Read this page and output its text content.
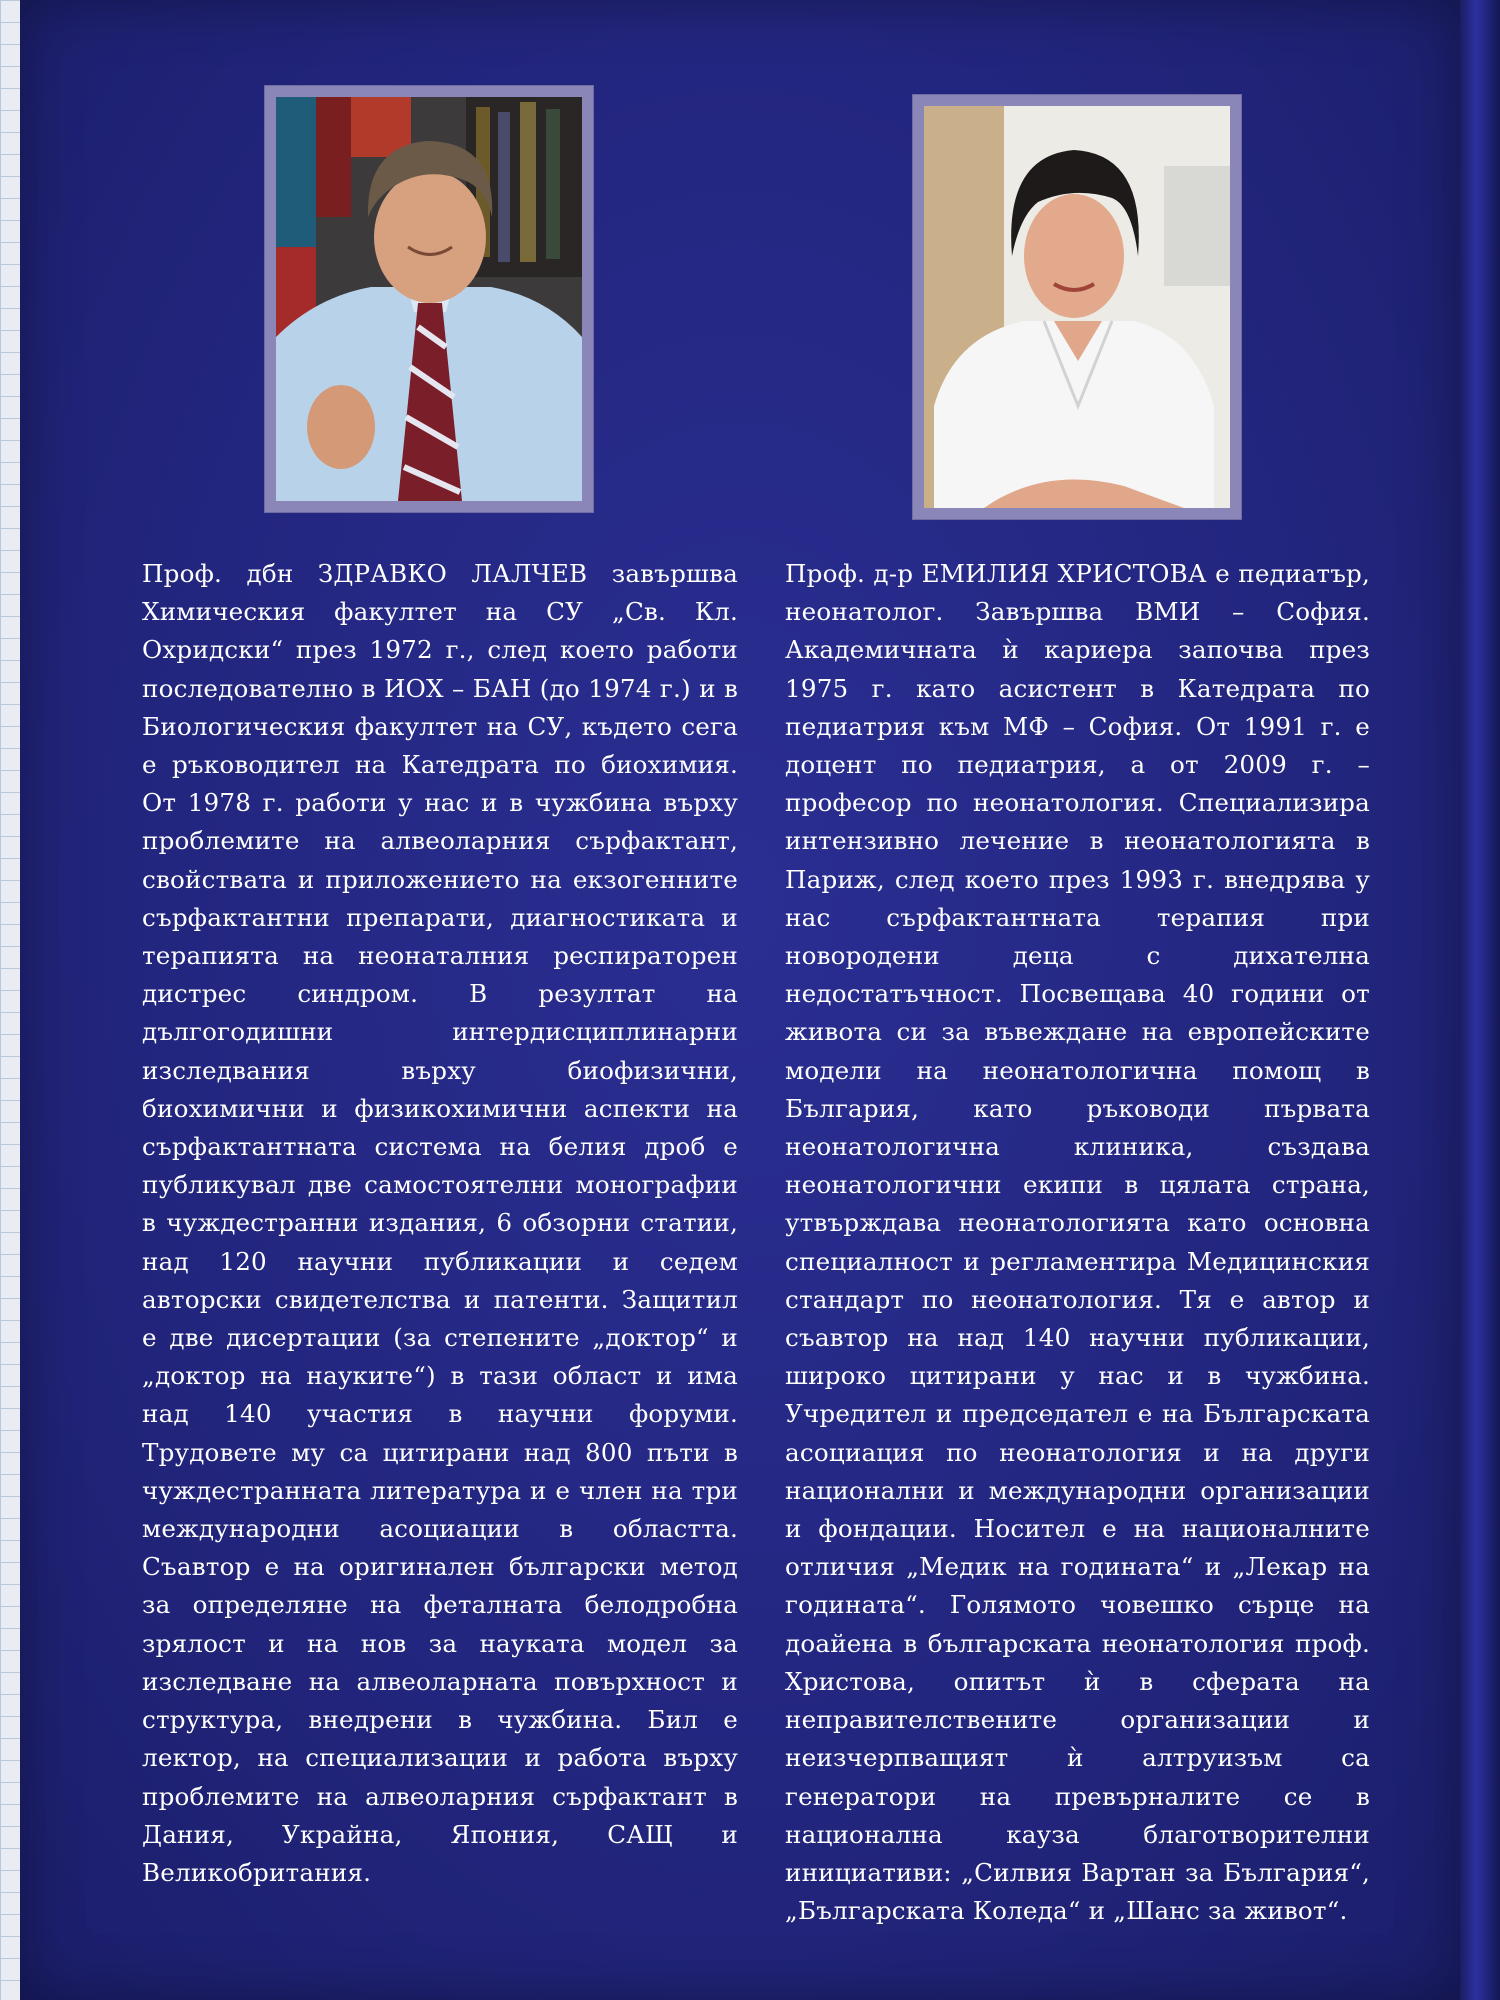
Проф. дбн ЗДРАВКО ЛАЛЧЕВ завършва Химическия факултет на СУ „Св. Кл. Охридски“ през 1972 г., след което работи последователно в ИОХ – БАН (до 1974 г.) и в Биологическия факултет на СУ, където сега е ръководител на Катедрата по биохимия. От 1978 г. работи у нас и в чужбина върху проблемите на алвеоларния сърфактант, свойствата и приложението на екзогенните сърфактантни препарати, диагностиката и терапията на неонаталния респираторен дистрес синдром. В резултат на дългогодишни интердисциплинарни изследвания върху биофизични, биохимични и физикохимични аспекти на сърфактантната система на белия дроб е публикувал две самостоятелни монографии в чуждестранни издания, 6 обзорни статии, над 120 научни публикации и седем авторски свидетелства и патенти. Защитил е две дисертации (за степените „доктор“ и „доктор на науките“) в тази област и има над 140 участия в научни форуми. Трудовете му са цитирани над 800 пъти в чуждестранната литература и е член на три международни асоциации в областта. Съавтор е на оригинален български метод за определяне на феталната белодробна зрялост и на нов за науката модел за изследване на алвеоларната повърхност и структура, внедрени в чужбина. Бил е лектор, на специализации и работа върху проблемите на алвеоларния сърфактант в Дания, Украйна, Япония, САЩ и Великобритания.

Проф. д-р ЕМИЛИЯ ХРИСТОВА е педиатър, неонатолог. Завършва ВМИ – София. Академичната ѝ кариера започва през 1975 г. като асистент в Катедрата по педиатрия към МФ – София. От 1991 г. е доцент по педиатрия, а от 2009 г. – професор по неонатология. Специализира интензивно лечение в неонатологията в Париж, след което през 1993 г. внедрява у нас сърфактантната терапия при новородени деца с дихателна недостатъчност. Посвещава 40 години от живота си за въвеждане на европейските модели на неонатологична помощ в България, като ръководи първата неонатологична клиника, създава неонатологични екипи в цялата страна, утвърждава неонатологията като основна специалност и регламентира Медицинския стандарт по неонатология. Тя е автор и съавтор на над 140 научни публикации, широко цитирани у нас и в чужбина. Учредител и председател е на Българската асоциация по неонатология и на други национални и международни организации и фондации. Носител е на националните отличия „Медик на годината“ и „Лекар на годината“. Голямото човешко сърце на доайена в българската неонатология проф. Христова, опитът ѝ в сферата на неправителствените организации и неизчерпващият ѝ алтруизъм са генератори на превърналите се в национална кауза благотворителни инициативи: „Силвия Вартан за България“, „Българската Коледа“ и „Шанс за живот“.
